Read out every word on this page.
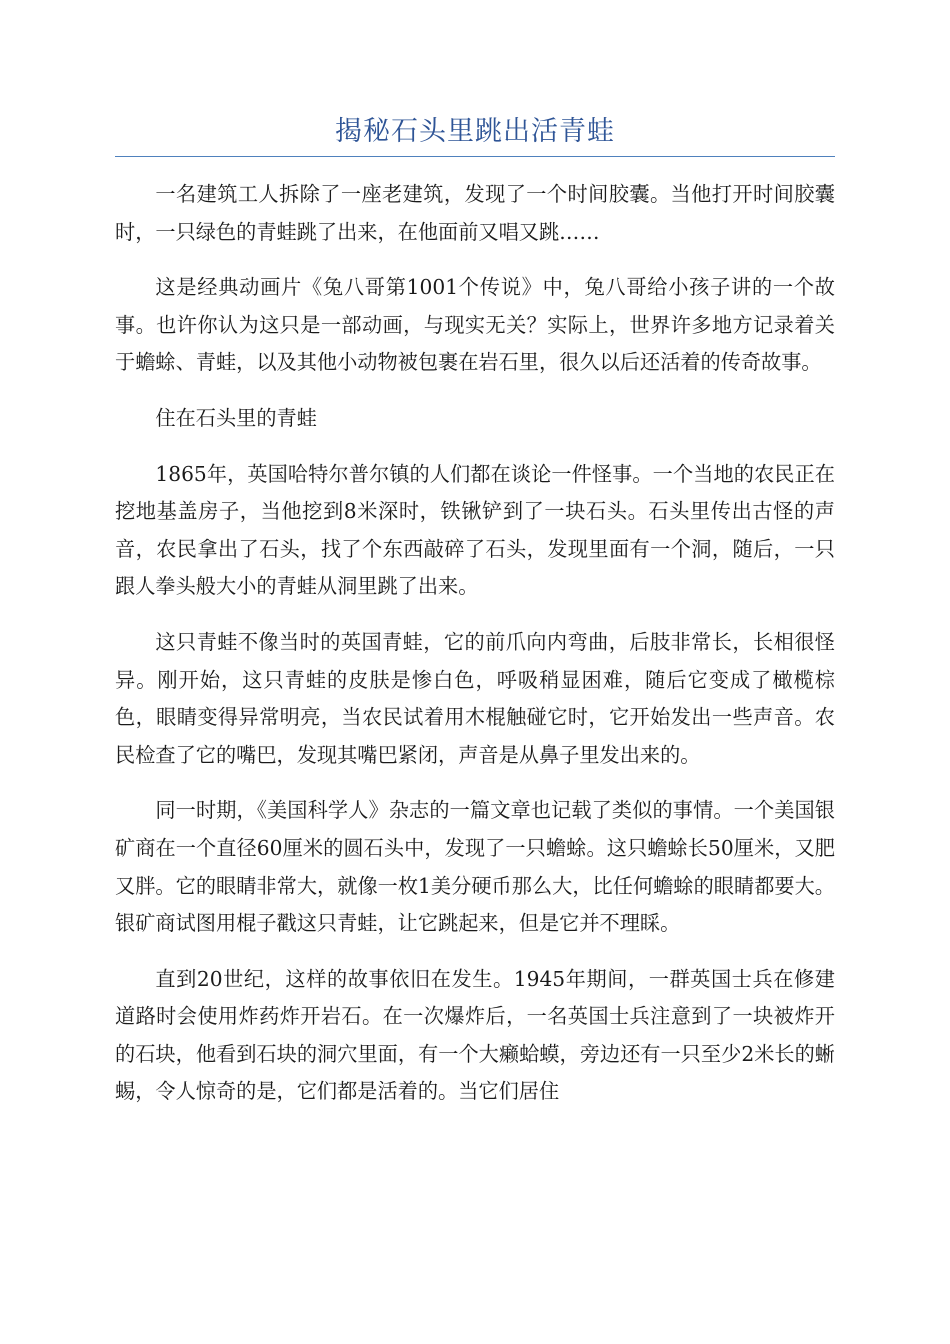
揭秘石头里跳出活青蛙

一名建筑工人拆除了一座老建筑，发现了一个时间胶囊。当他打开时间胶囊时，一只绿色的青蛙跳了出来，在他面前又唱又跳……

这是经典动画片《兔八哥第1001个传说》中，兔八哥给小孩子讲的一个故事。也许你认为这只是一部动画，与现实无关？实际上，世界许多地方记录着关于蟾蜍、青蛙，以及其他小动物被包裹在岩石里，很久以后还活着的传奇故事。

住在石头里的青蛙

1865年，英国哈特尔普尔镇的人们都在谈论一件怪事。一个当地的农民正在挖地基盖房子，当他挖到8米深时，铁锹铲到了一块石头。石头里传出古怪的声音，农民拿出了石头，找了个东西敲碎了石头，发现里面有一个洞，随后，一只跟人拳头般大小的青蛙从洞里跳了出来。

这只青蛙不像当时的英国青蛙，它的前爪向内弯曲，后肢非常长，长相很怪异。刚开始，这只青蛙的皮肤是惨白色，呼吸稍显困难，随后它变成了橄榄棕色，眼睛变得异常明亮，当农民试着用木棍触碰它时，它开始发出一些声音。农民检查了它的嘴巴，发现其嘴巴紧闭，声音是从鼻子里发出来的。

同一时期，《美国科学人》杂志的一篇文章也记载了类似的事情。一个美国银矿商在一个直径60厘米的圆石头中，发现了一只蟾蜍。这只蟾蜍长50厘米，又肥又胖。它的眼睛非常大，就像一枚1美分硬币那么大，比任何蟾蜍的眼睛都要大。银矿商试图用棍子戳这只青蛙，让它跳起来，但是它并不理睬。

直到20世纪，这样的故事依旧在发生。1945年期间，一群英国士兵在修建道路时会使用炸药炸开岩石。在一次爆炸后，一名英国士兵注意到了一块被炸开的石块，他看到石块的洞穴里面，有一个大癞蛤蟆，旁边还有一只至少2米长的蜥蜴，令人惊奇的是，它们都是活着的。当它们居住
